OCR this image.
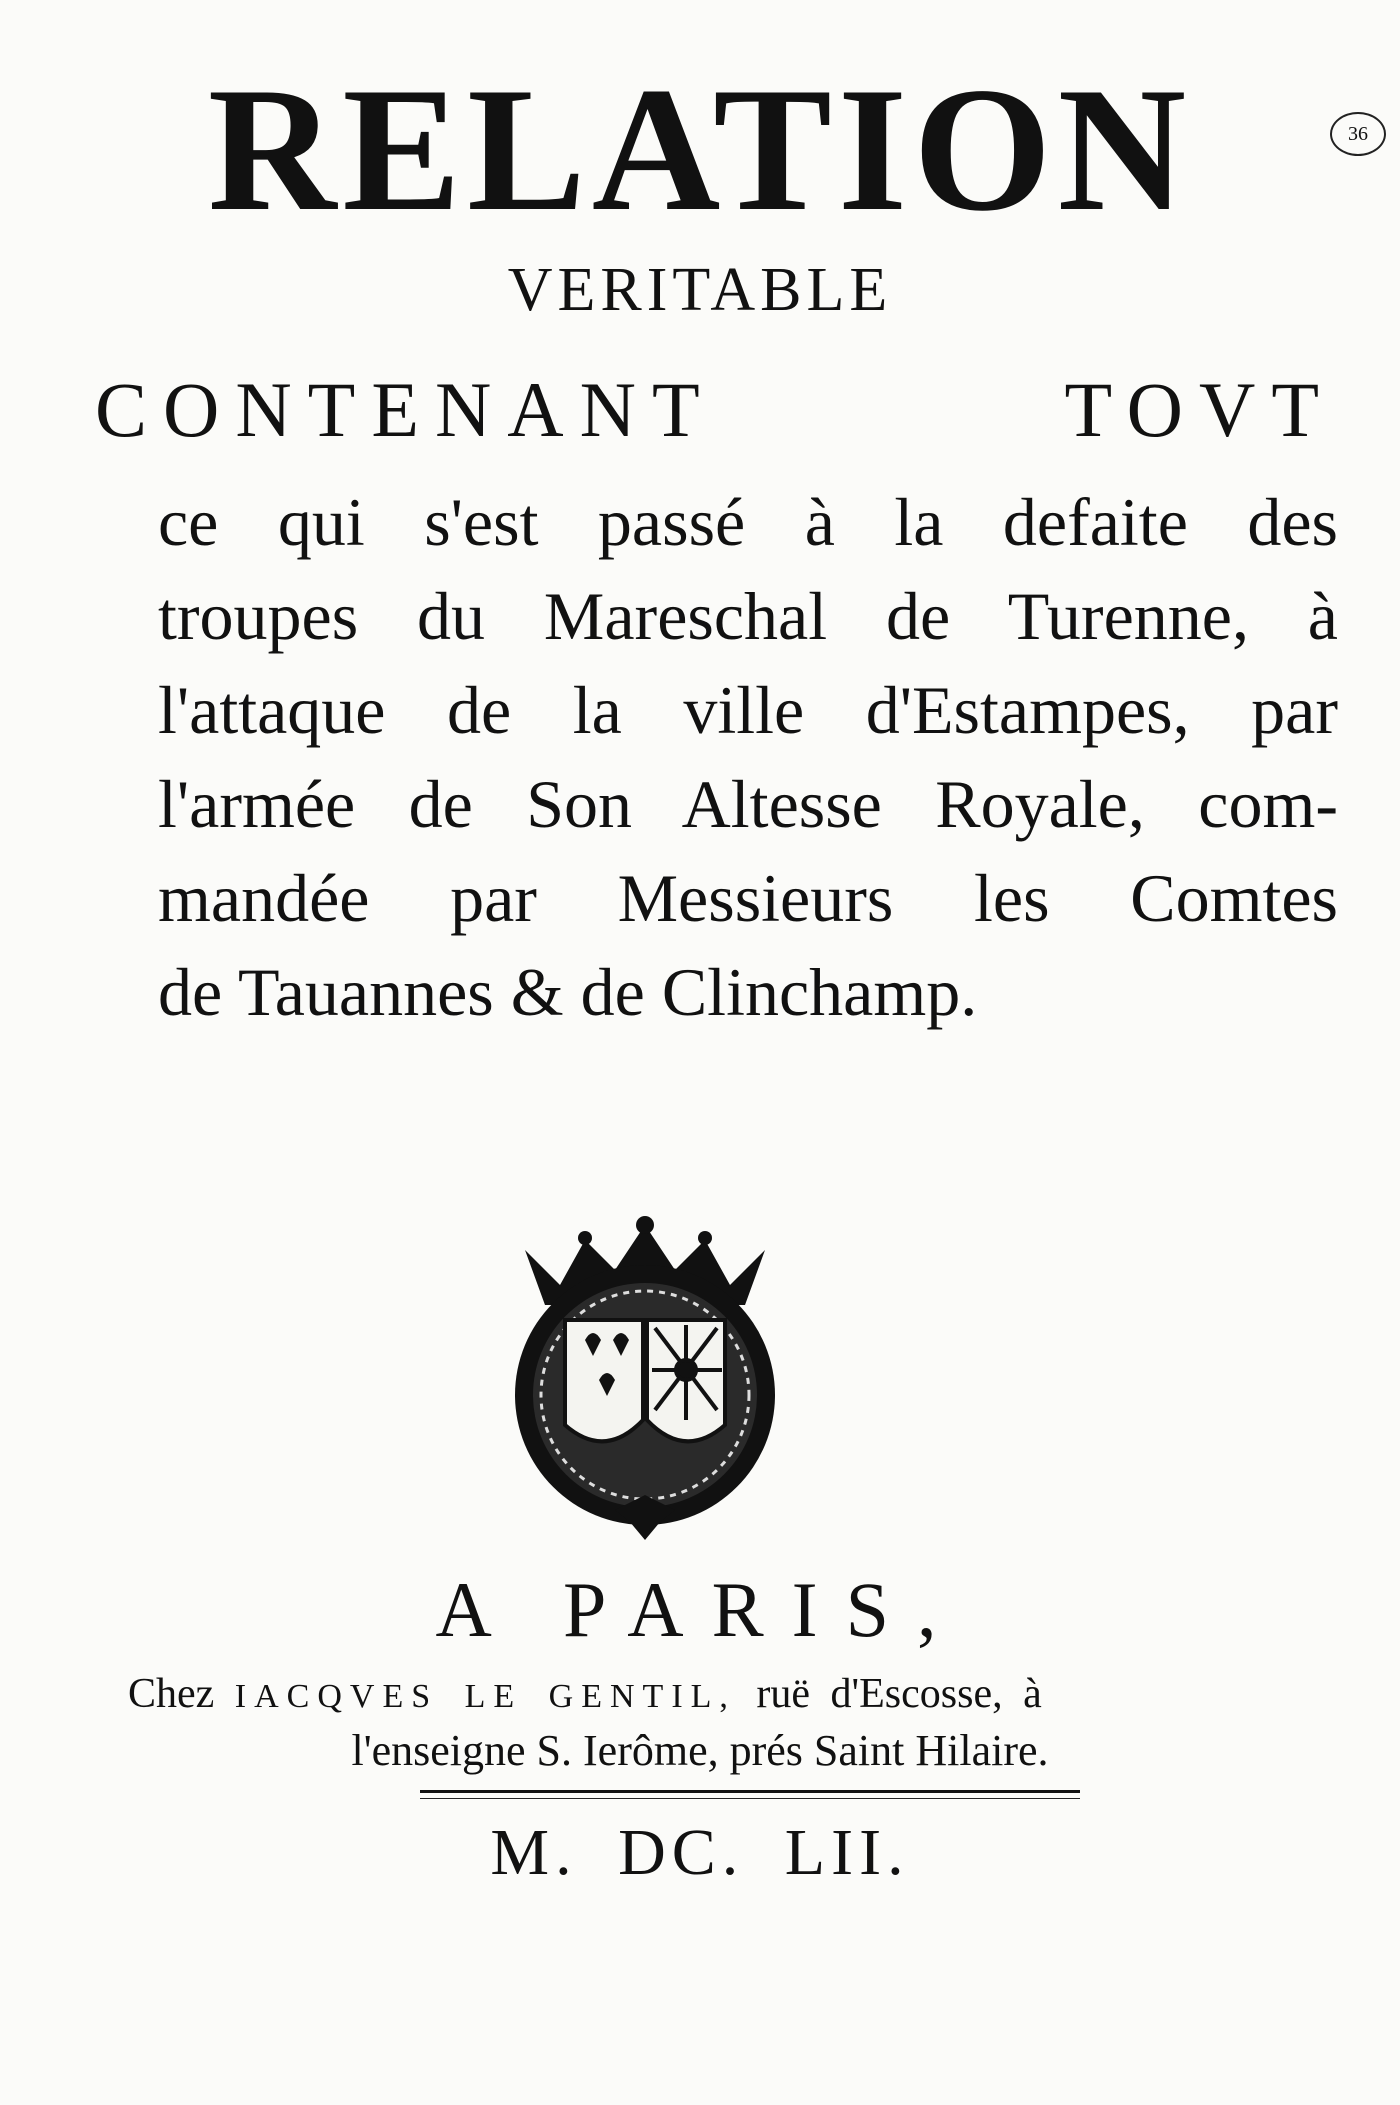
RELATION	36
VERITABLE
CONTENANT TOVT
ce qui s'est passé à la defaite des
troupes du Mareschal de Turenne, à
l'attaque de la ville d'Estampes, par
l'armée de Son Altesse Royale, com-
mandée par Messieurs les Comtes
de Tauannes & de Clinchamp.
A PARIS,
Chez IACQVES LE GENTIL, ruë d'Escosse, à
l'enseigne S. Ierôme, prés Saint Hilaire.
M. DC. LII.
